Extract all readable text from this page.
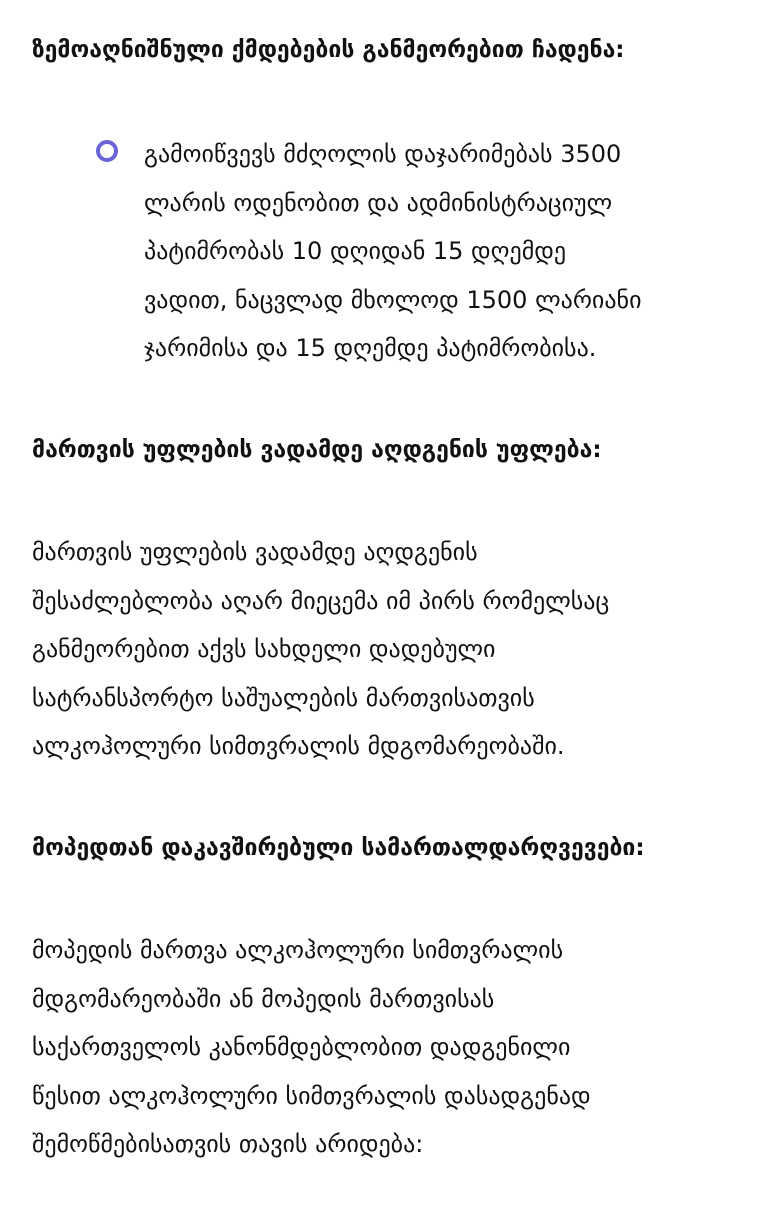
ზემოაღნიშნული ქმდებების განმეორებით ჩადენა:
გამოიწვევს მძღოლის დაჯარიმებას 3500
ლარის ოდენობით და ადმინისტრაციულ
პატიმრობას 10 დღიდან 15 დღემდე
ვადით, ნაცვლად მხოლოდ 1500 ლარიანი
ჯარიმისა და 15 დღემდე პატიმრობისა.
მართვის უფლების ვადამდე აღდგენის უფლება:

მართვის უფლების ვადამდე აღდგენის
შესაძლებლობა აღარ მიეცემა იმ პირს რომელსაც
განმეორებით აქვს სახდელი დადებული
სატრანსპორტო საშუალების მართვისათვის
ალკოჰოლური სიმთვრალის მდგომარეობაში.

მოპედთან დაკავშირებული სამართალდარღვევები:

მოპედის მართვა ალკოჰოლური სიმთვრალის
მდგომარეობაში ან მოპედის მართვისას
საქართველოს კანონმდებლობით დადგენილი
წესით ალკოჰოლური სიმთვრალის დასადგენად
შემოწმებისათვის თავის არიდება:
